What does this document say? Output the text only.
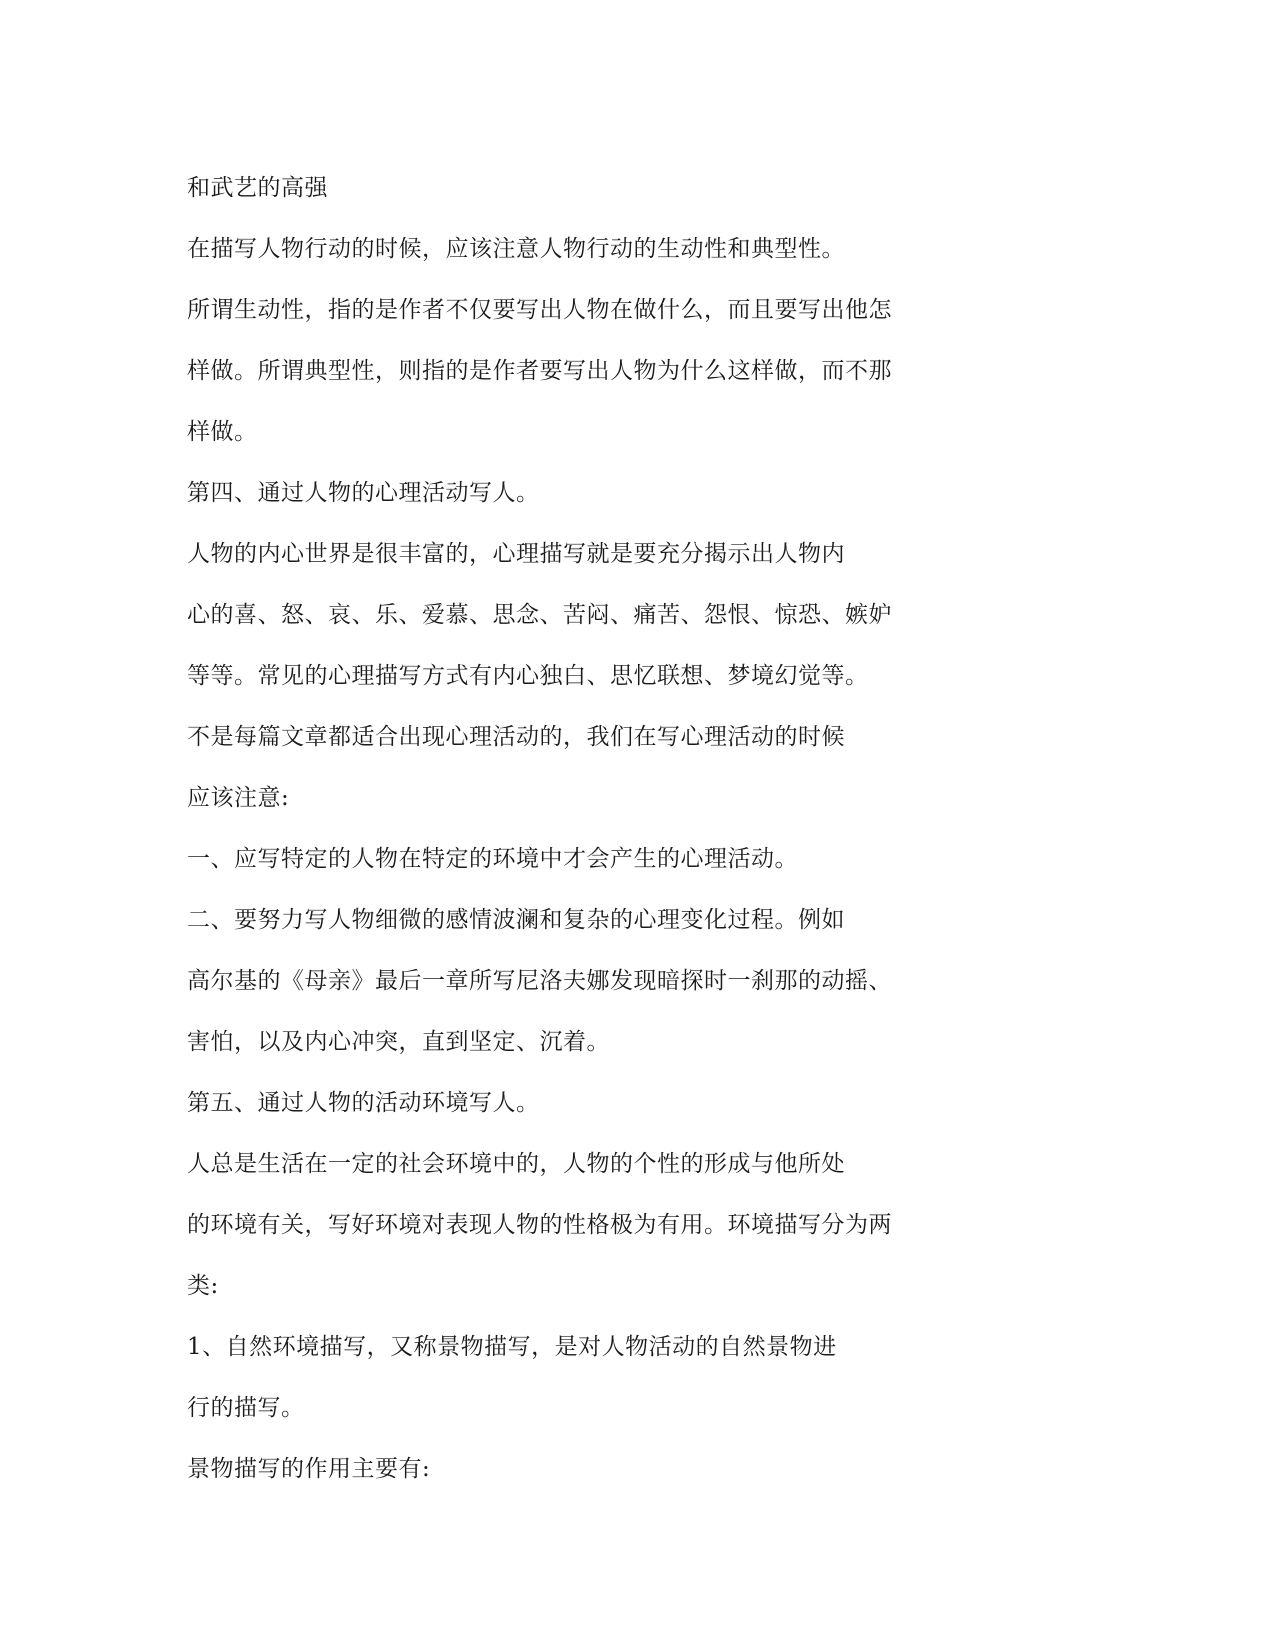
和武艺的高强
在描写人物行动的时候，应该注意人物行动的生动性和典型性。
所谓生动性，指的是作者不仅要写出人物在做什么，而且要写出他怎
样做。所谓典型性，则指的是作者要写出人物为什么这样做，而不那
样做。
第四、通过人物的心理活动写人。
人物的内心世界是很丰富的，心理描写就是要充分揭示出人物内
心的喜、怒、哀、乐、爱慕、思念、苦闷、痛苦、怨恨、惊恐、嫉妒
等等。常见的心理描写方式有内心独白、思忆联想、梦境幻觉等。
不是每篇文章都适合出现心理活动的，我们在写心理活动的时候
应该注意:
一、应写特定的人物在特定的环境中才会产生的心理活动。
二、要努力写人物细微的感情波澜和复杂的心理变化过程。例如
高尔基的《母亲》最后一章所写尼洛夫娜发现暗探时一刹那的动摇、
害怕，以及内心冲突，直到坚定、沉着。
第五、通过人物的活动环境写人。
人总是生活在一定的社会环境中的，人物的个性的形成与他所处
的环境有关，写好环境对表现人物的性格极为有用。环境描写分为两
类:
1、自然环境描写，又称景物描写，是对人物活动的自然景物进
行的描写。
景物描写的作用主要有:
